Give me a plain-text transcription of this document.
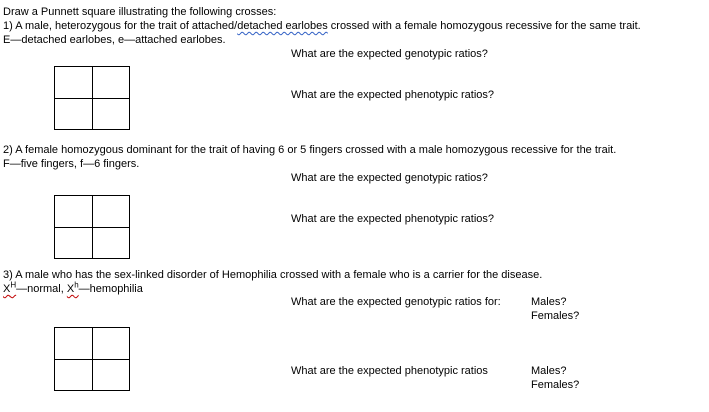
Draw a Punnett square illustrating the following crosses:
1) A male, heterozygous for the trait of attached/detached earlobes crossed with a female homozygous recessive for the same trait.
E—detached earlobes, e—attached earlobes.
What are the expected genotypic ratios?
What are the expected phenotypic ratios?
2) A female homozygous dominant for the trait of having 6 or 5 fingers crossed with a male homozygous recessive for the trait.
F—five fingers, f—6 fingers.
What are the expected genotypic ratios?
What are the expected phenotypic ratios?
3) A male who has the sex-linked disorder of Hemophilia crossed with a female who is a carrier for the disease.
$X^H—normal$, $X^h—hemophilia$
What are the expected genotypic ratios for:	Males?
Females?
What are the expected phenotypic ratios	Males?
Females?
